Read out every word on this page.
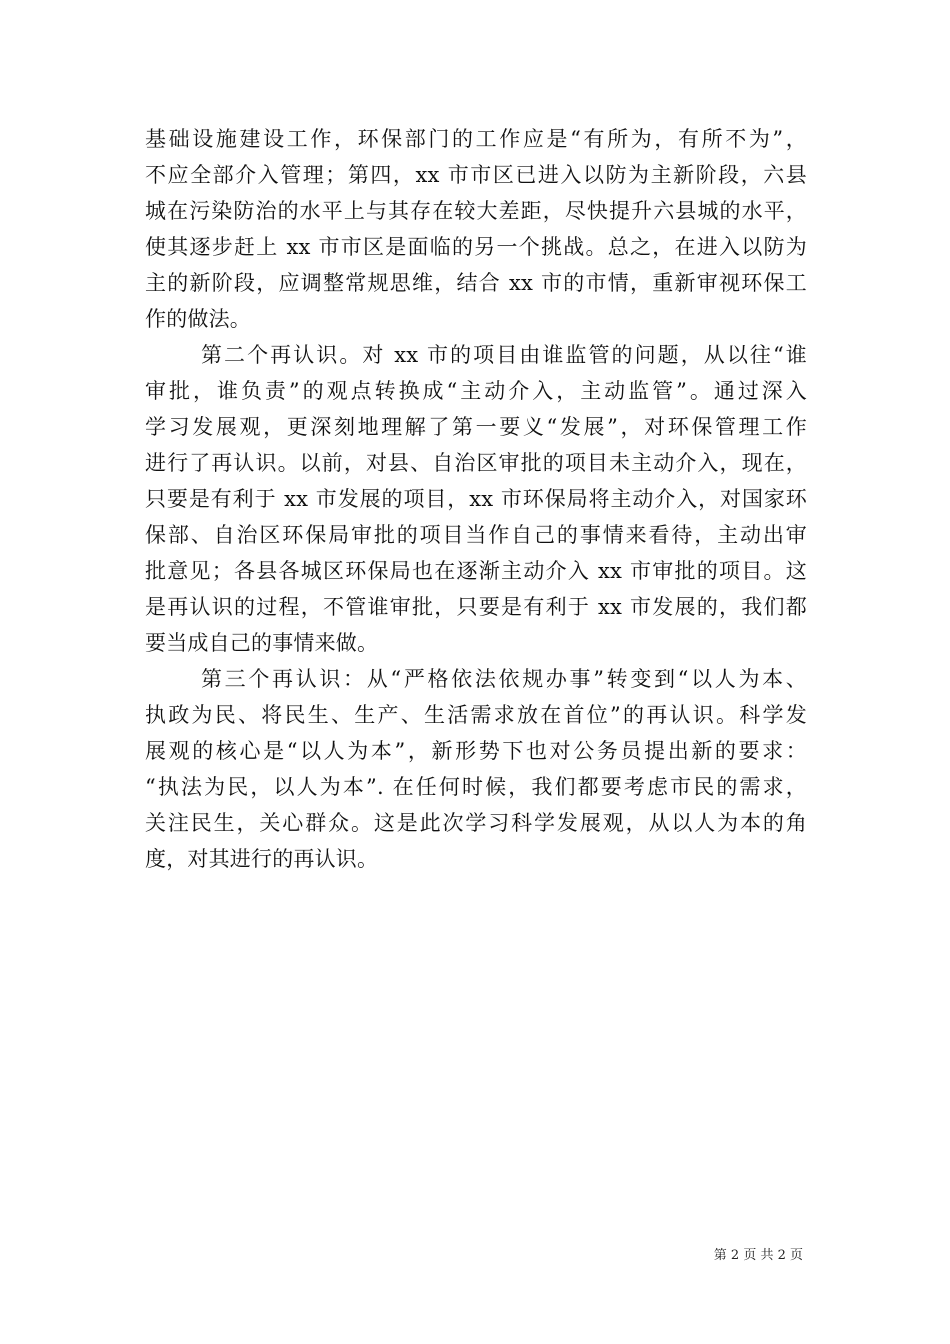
基础设施建设工作，环保部门的工作应是“有所为，有所不为”，
不应全部介入管理；第四，xx 市市区已进入以防为主新阶段，六县
城在污染防治的水平上与其存在较大差距，尽快提升六县城的水平，
使其逐步赶上 xx 市市区是面临的另一个挑战。总之，在进入以防为
主的新阶段，应调整常规思维，结合 xx 市的市情，重新审视环保工
作的做法。
第二个再认识。对 xx 市的项目由谁监管的问题，从以往“谁
审批，谁负责”的观点转换成“主动介入，主动监管”。通过深入
学习发展观，更深刻地理解了第一要义“发展”，对环保管理工作
进行了再认识。以前，对县、自治区审批的项目未主动介入，现在，
只要是有利于 xx 市发展的项目，xx 市环保局将主动介入，对国家环
保部、自治区环保局审批的项目当作自己的事情来看待，主动出审
批意见；各县各城区环保局也在逐渐主动介入 xx 市审批的项目。这
是再认识的过程，不管谁审批，只要是有利于 xx 市发展的，我们都
要当成自己的事情来做。
第三个再认识：从“严格依法依规办事”转变到“以人为本、
执政为民、将民生、生产、生活需求放在首位”的再认识。科学发
展观的核心是“以人为本”，新形势下也对公务员提出新的要求：
“执法为民，以人为本”. 在任何时候，我们都要考虑市民的需求，
关注民生，关心群众。这是此次学习科学发展观，从以人为本的角
度，对其进行的再认识。
第 2 页 共 2 页
